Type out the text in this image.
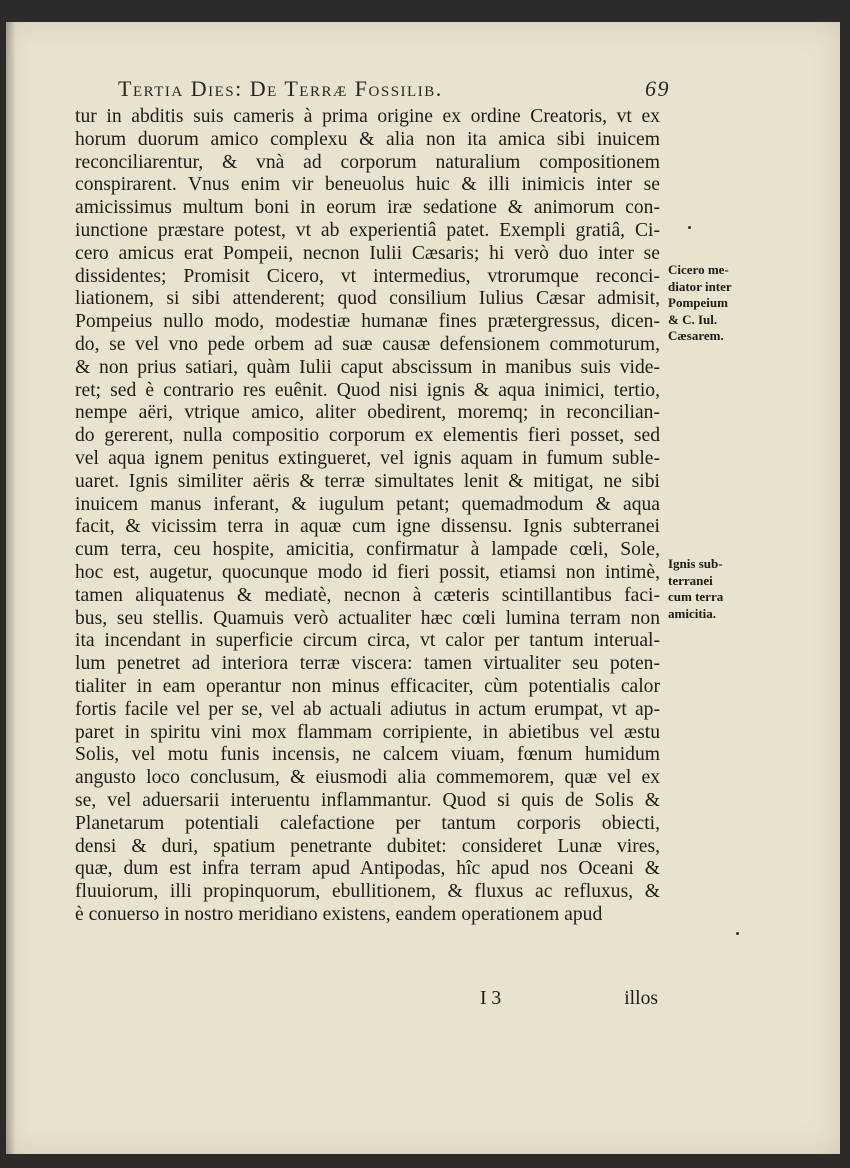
Tertia Dies: De Terræ Fossilib.	69
tur in abditis suis cameris à prima origine ex ordine Creatoris, vt ex
horum duorum amico complexu & alia non ita amica sibi inuicem
reconciliarentur, & vnà ad corporum naturalium compositionem
conspirarent. Vnus enim vir beneuolus huic & illi inimicis inter se
amicissimus multum boni in eorum iræ sedatione & animorum con-
iunctione præstare potest, vt ab experientiâ patet. Exempli gratiâ, Ci-
cero amicus erat Pompeii, necnon Iulii Cæsaris; hi verò duo inter se
dissidentes; Promisit Cicero, vt intermedius, vtrorumque reconci-
liationem, si sibi attenderent; quod consilium Iulius Cæsar admisit,
Pompeius nullo modo, modestiæ humanæ fines prætergressus, dicen-
do, se vel vno pede orbem ad suæ causæ defensionem commoturum,
& non prius satiari, quàm Iulii caput abscissum in manibus suis vide-
ret; sed è contrario res euênit. Quod nisi ignis & aqua inimici, tertio,
nempe aëri, vtrique amico, aliter obedirent, moremq; in reconcilian-
do gererent, nulla compositio corporum ex elementis fieri posset, sed
vel aqua ignem penitus extingueret, vel ignis aquam in fumum suble-
uaret. Ignis similiter aëris & terræ simultates lenit & mitigat, ne sibi
inuicem manus inferant, & iugulum petant; quemadmodum & aqua
facit, & vicissim terra in aquæ cum igne dissensu. Ignis subterranei
cum terra, ceu hospite, amicitia, confirmatur à lampade cœli, Sole,
hoc est, augetur, quocunque modo id fieri possit, etiamsi non intimè,
tamen aliquatenus & mediatè, necnon à cæteris scintillantibus faci-
bus, seu stellis. Quamuis verò actualiter hæc cœli lumina terram non
ita incendant in superficie circum circa, vt calor per tantum interual-
lum penetret ad interiora terræ viscera: tamen virtualiter seu poten-
tialiter in eam operantur non minus efficaciter, cùm potentialis calor
fortis facile vel per se, vel ab actuali adiutus in actum erumpat, vt ap-
paret in spiritu vini mox flammam corripiente, in abietibus vel æstu
Solis, vel motu funis incensis, ne calcem viuam, fœnum humidum
angusto loco conclusum, & eiusmodi alia commemorem, quæ vel ex
se, vel aduersarii interuentu inflammantur. Quod si quis de Solis &
Planetarum potentiali calefactione per tantum corporis obiecti,
densi & duri, spatium penetrante dubitet: consideret Lunæ vires,
quæ, dum est infra terram apud Antipodas, hîc apud nos Oceani &
fluuiorum, illi propinquorum, ebullitionem, & fluxus ac refluxus, &
è conuerso in nostro meridiano existens, eandem operationem apud
I 3	illos
Cicero me-
diator inter
Pompeium
& C. Iul.
Cæsarem.
Ignis sub-
terranei
cum terra
amicitia.
